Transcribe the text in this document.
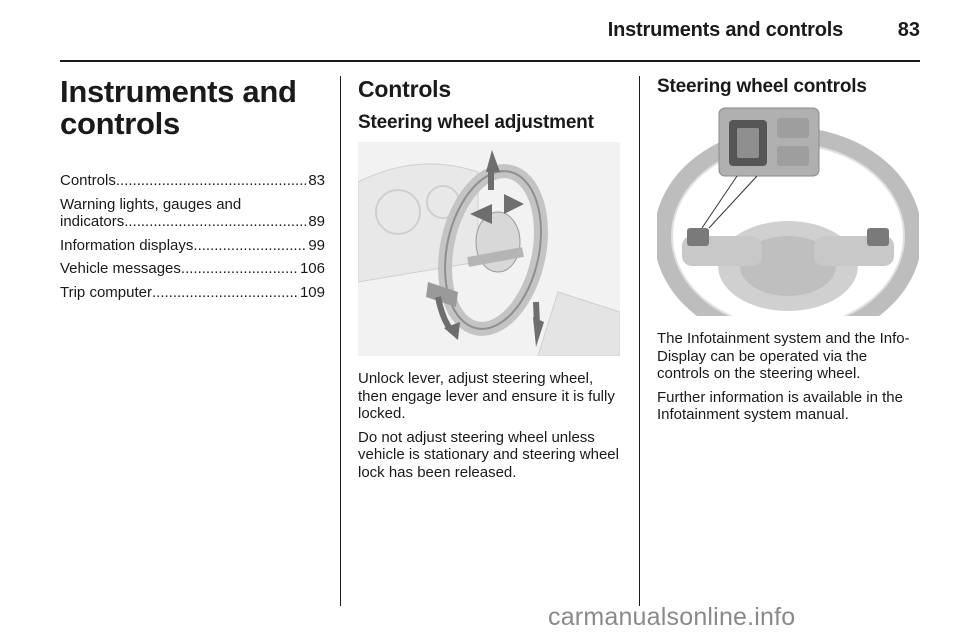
Instruments and controls	83
Instruments and
controls
Controls .....	83
Warning lights, gauges and
indicators .....	89
Information displays .....	99
Vehicle messages .....	106
Trip computer .....	109
Controls
Steering wheel adjustment

Unlock lever, adjust steering wheel, then engage lever and ensure it is fully locked.

Do not adjust steering wheel unless vehicle is stationary and steering wheel lock has been released.

Steering wheel controls

The Infotainment system and the Info-Display can be operated via the controls on the steering wheel.

Further information is available in the Infotainment system manual.

carmanualsonline.info
